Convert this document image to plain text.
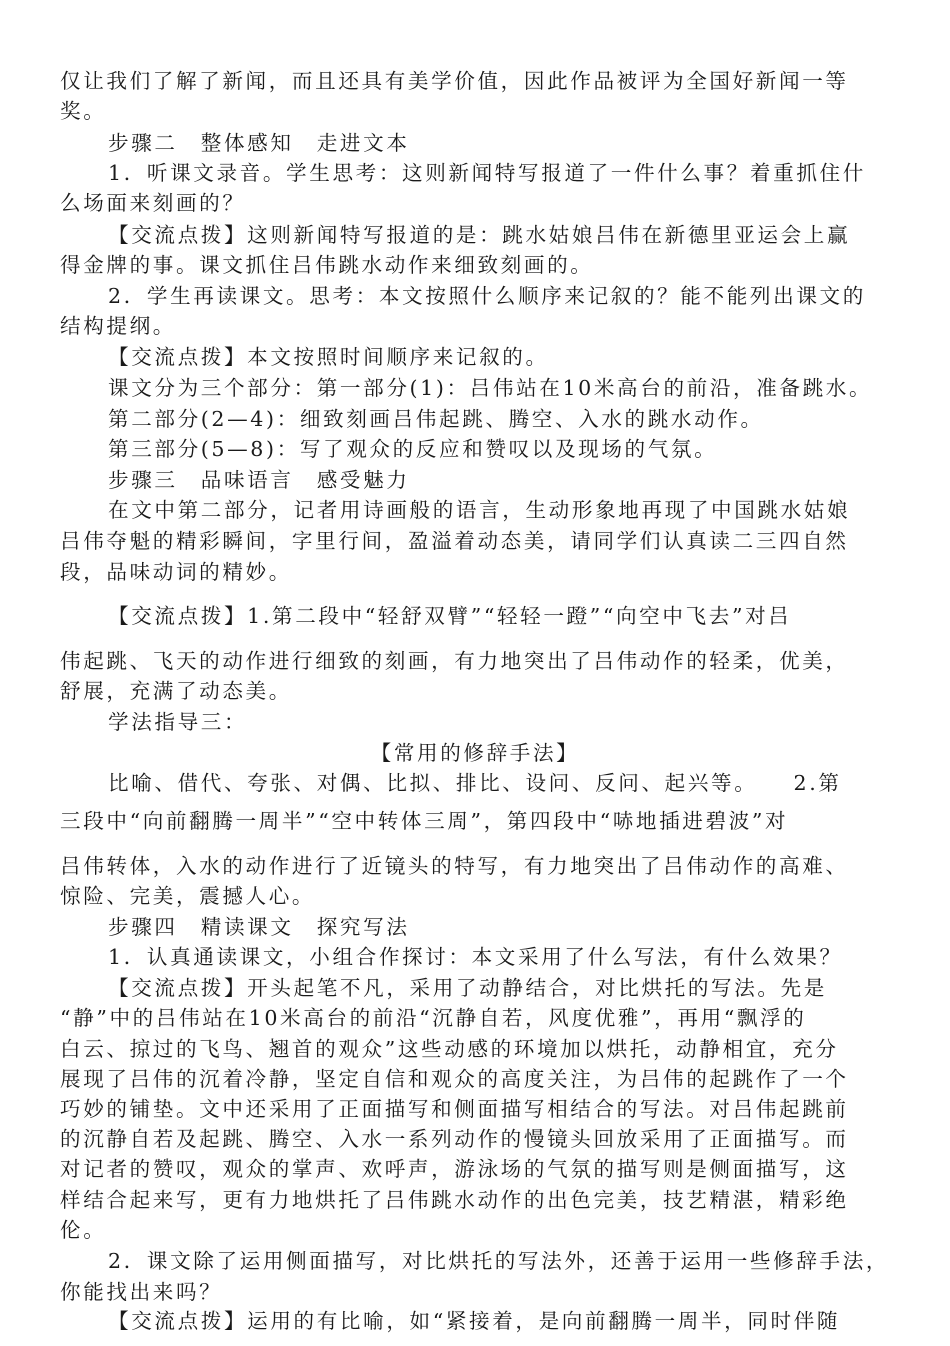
仅让我们了解了新闻，而且还具有美学价值，因此作品被评为全国好新闻一等
奖。
步骤二　整体感知　走进文本
1．听课文录音。学生思考：这则新闻特写报道了一件什么事？着重抓住什
么场面来刻画的？
【交流点拨】这则新闻特写报道的是：跳水姑娘吕伟在新德里亚运会上赢
得金牌的事。课文抓住吕伟跳水动作来细致刻画的。
2．学生再读课文。思考：本文按照什么顺序来记叙的？能不能列出课文的
结构提纲。
【交流点拨】本文按照时间顺序来记叙的。
课文分为三个部分：第一部分(1)：吕伟站在10米高台的前沿，准备跳水。
第二部分(2—4)：细致刻画吕伟起跳、腾空、入水的跳水动作。
第三部分(5—8)：写了观众的反应和赞叹以及现场的气氛。
步骤三　品味语言　感受魅力
在文中第二部分，记者用诗画般的语言，生动形象地再现了中国跳水姑娘
吕伟夺魁的精彩瞬间，字里行间，盈溢着动态美，请同学们认真读二三四自然
段，品味动词的精妙。
【交流点拨】1.第二段中“轻舒双臂”“轻轻一蹬”“向空中飞去”对吕
伟起跳、飞天的动作进行细致的刻画，有力地突出了吕伟动作的轻柔，优美，
舒展，充满了动态美。
学法指导三：
【常用的修辞手法】
比喻、借代、夸张、对偶、比拟、排比、设问、反问、起兴等。　　2.第
三段中“向前翻腾一周半”“空中转体三周”，第四段中“哧地插进碧波”对
吕伟转体，入水的动作进行了近镜头的特写，有力地突出了吕伟动作的高难、
惊险、完美，震撼人心。
步骤四　精读课文　探究写法
1．认真通读课文，小组合作探讨：本文采用了什么写法，有什么效果？
【交流点拨】开头起笔不凡，采用了动静结合，对比烘托的写法。先是
“静”中的吕伟站在10米高台的前沿“沉静自若，风度优雅”，再用“飘浮的
白云、掠过的飞鸟、翘首的观众”这些动感的环境加以烘托，动静相宜，充分
展现了吕伟的沉着冷静，坚定自信和观众的高度关注，为吕伟的起跳作了一个
巧妙的铺垫。文中还采用了正面描写和侧面描写相结合的写法。对吕伟起跳前
的沉静自若及起跳、腾空、入水一系列动作的慢镜头回放采用了正面描写。而
对记者的赞叹，观众的掌声、欢呼声，游泳场的气氛的描写则是侧面描写，这
样结合起来写，更有力地烘托了吕伟跳水动作的出色完美，技艺精湛，精彩绝
伦。
2．课文除了运用侧面描写，对比烘托的写法外，还善于运用一些修辞手法，
你能找出来吗？
【交流点拨】运用的有比喻，如“紧接着，是向前翻腾一周半，同时伴随
